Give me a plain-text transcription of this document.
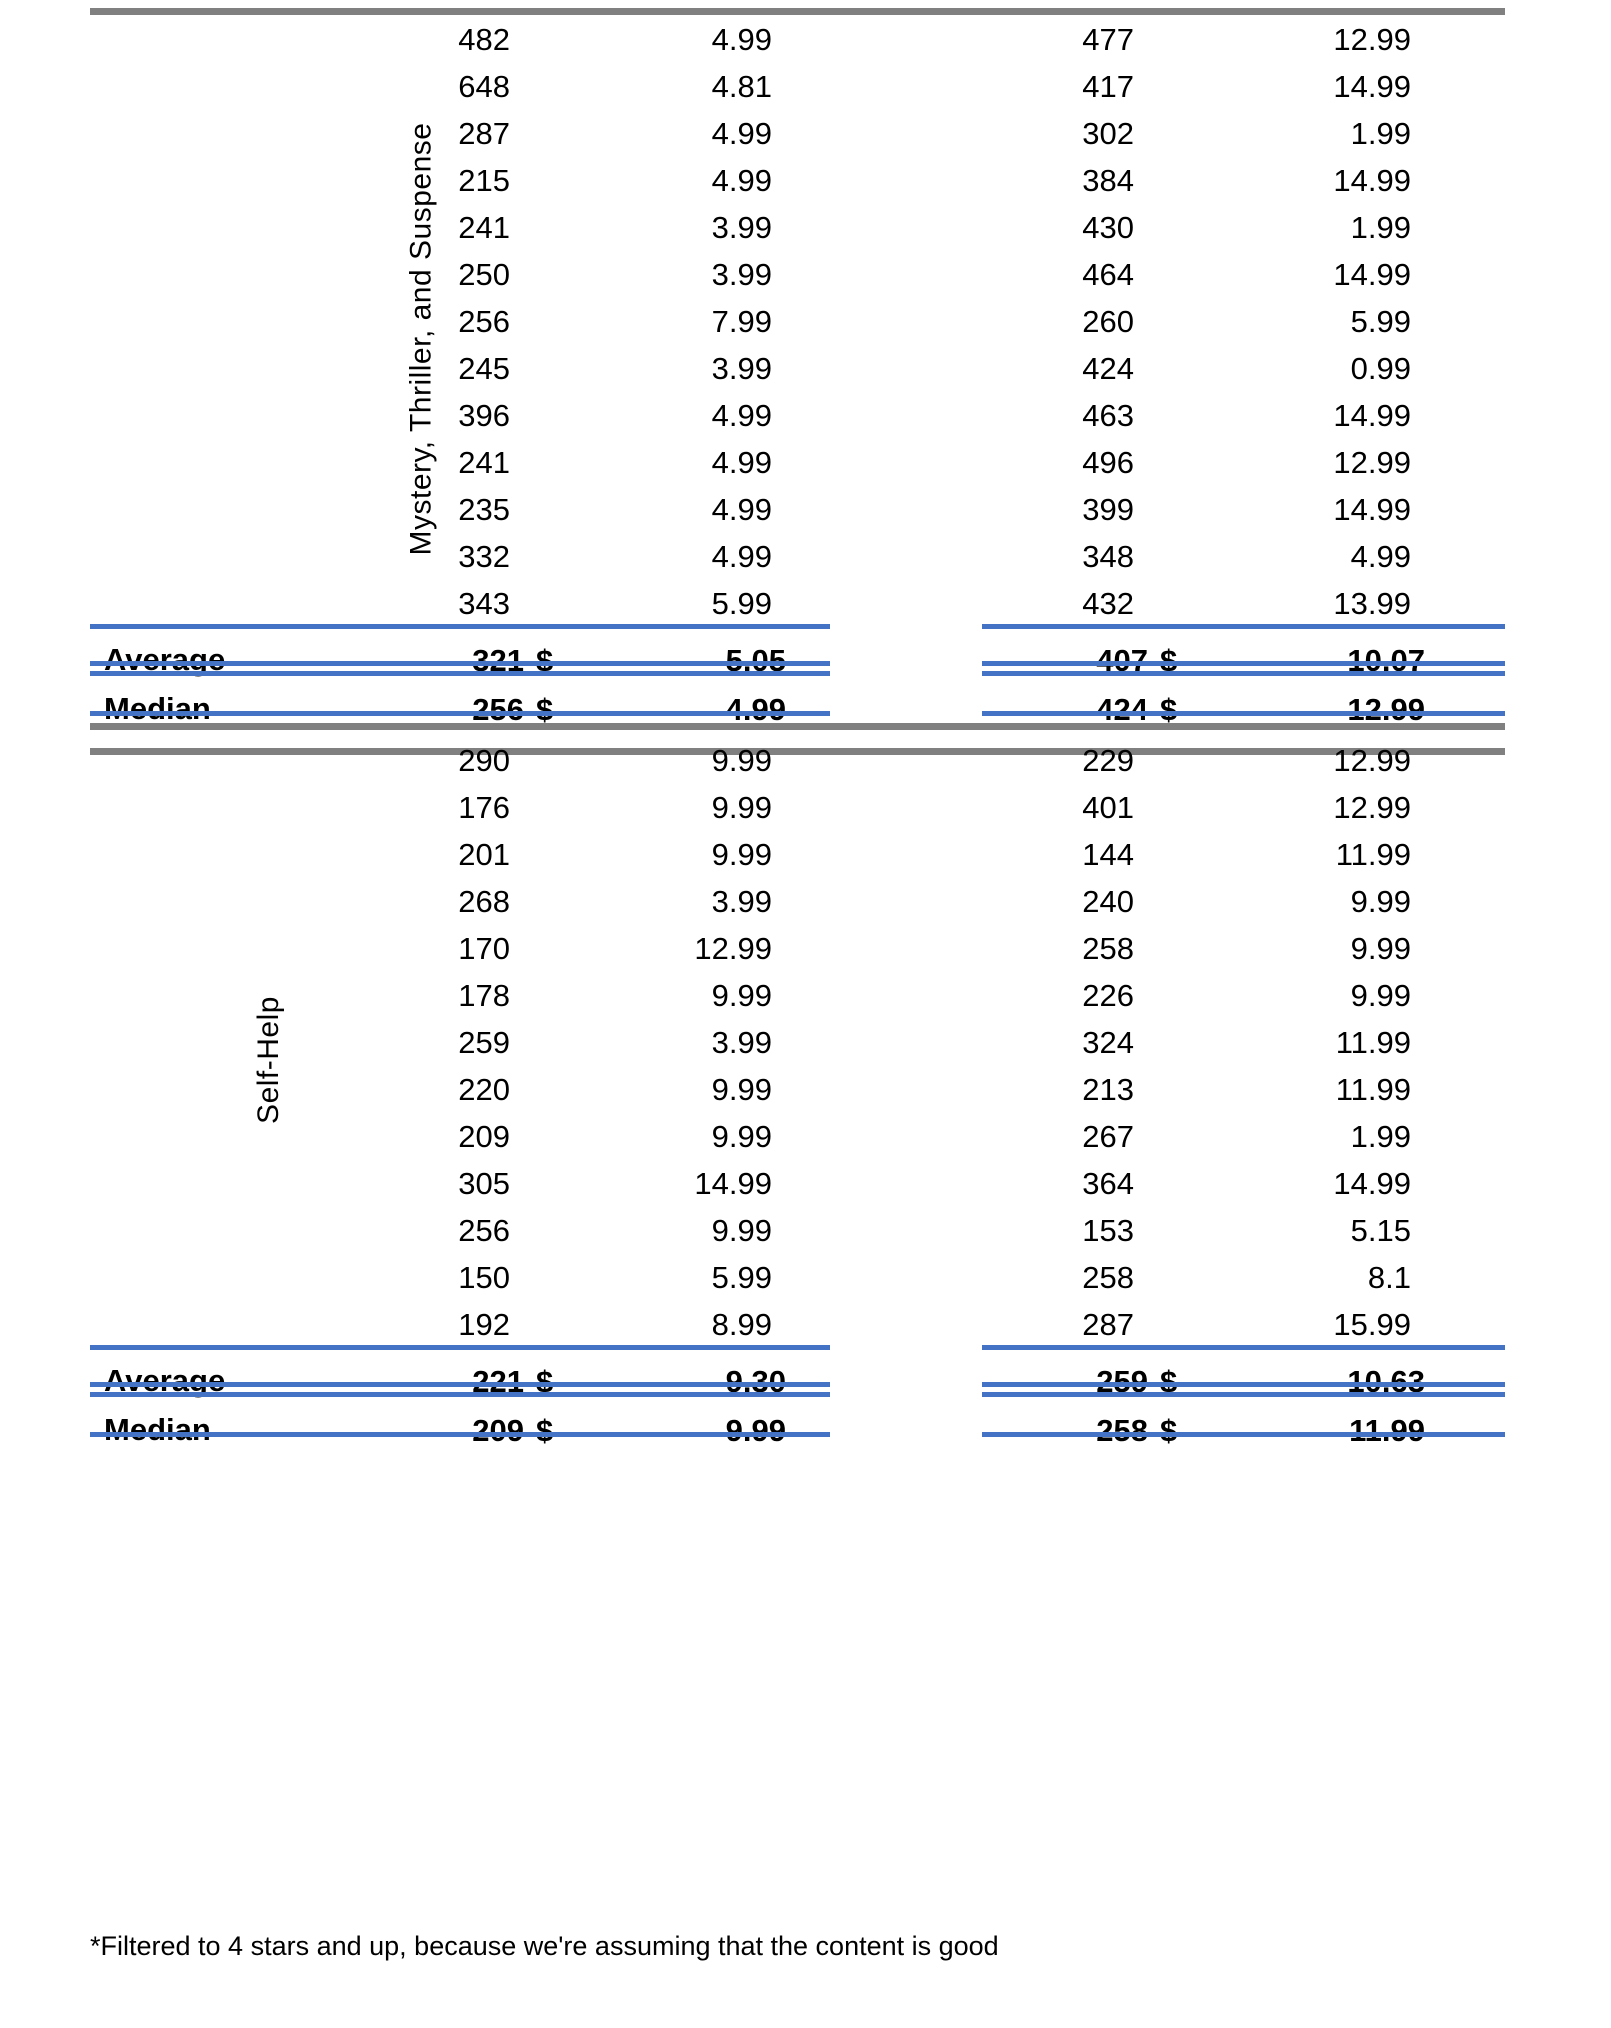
Mystery, Thriller, and Suspense
482	4.99	477	12.99
648	4.81	417	14.99
287	4.99	302	1.99
215	4.99	384	14.99
241	3.99	430	1.99
250	3.99	464	14.99
256	7.99	260	5.99
245	3.99	424	0.99
396	4.99	463	14.99
241	4.99	496	12.99
235	4.99	399	14.99
332	4.99	348	4.99
343	5.99	432	13.99
Average	321 $	5.05	407 $	10.07
Median	256 $	4.99	424 $	12.99
Self-Help
290	9.99	229	12.99
176	9.99	401	12.99
201	9.99	144	11.99
268	3.99	240	9.99
170	12.99	258	9.99
178	9.99	226	9.99
259	3.99	324	11.99
220	9.99	213	11.99
209	9.99	267	1.99
305	14.99	364	14.99
256	9.99	153	5.15
150	5.99	258	8.1
192	8.99	287	15.99
Average	221 $	9.30	259 $	10.63
Median	209 $	9.99	258 $	11.99
*Filtered to 4 stars and up, because we're assuming that the content is good
